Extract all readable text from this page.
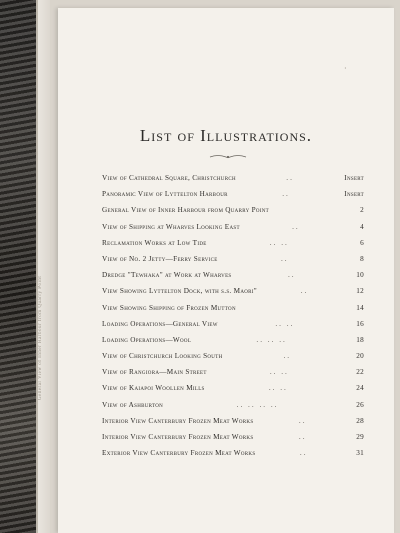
General View of Inner Harbour from Quarry Point
·
List of Illustrations.
View of Cathedral Square, Christchurch	..	Insert
Panoramic View of Lyttelton Harbour	..	Insert
General View of Inner Harbour from Quarry Point	2
View of Shipping at Wharves Looking East	..	4
Reclamation Works at Low Tide	.. ..	6
View of No. 2 Jetty—Ferry Service	..	8
Dredge "Tewhaka" at Work at Wharves	..	10
View Showing Lyttelton Dock, with s.s. Maori"	..	12
View Showing Shipping of Frozen Mutton	14
Loading Operations—General View	.. ..	16
Loading Operations—Wool	.. .. ..	18
View of Christchurch Looking South	..	20
View of Rangiora—Main Street	.. ..	22
View of Kaiapoi Woollen Mills	.. ..	24
View of Ashburton	.. .. .. ..	26
Interior View Canterbury Frozen Meat Works	..	28
Interior View Canterbury Frozen Meat Works	..	29
Exterior View Canterbury Frozen Meat Works	..	31
